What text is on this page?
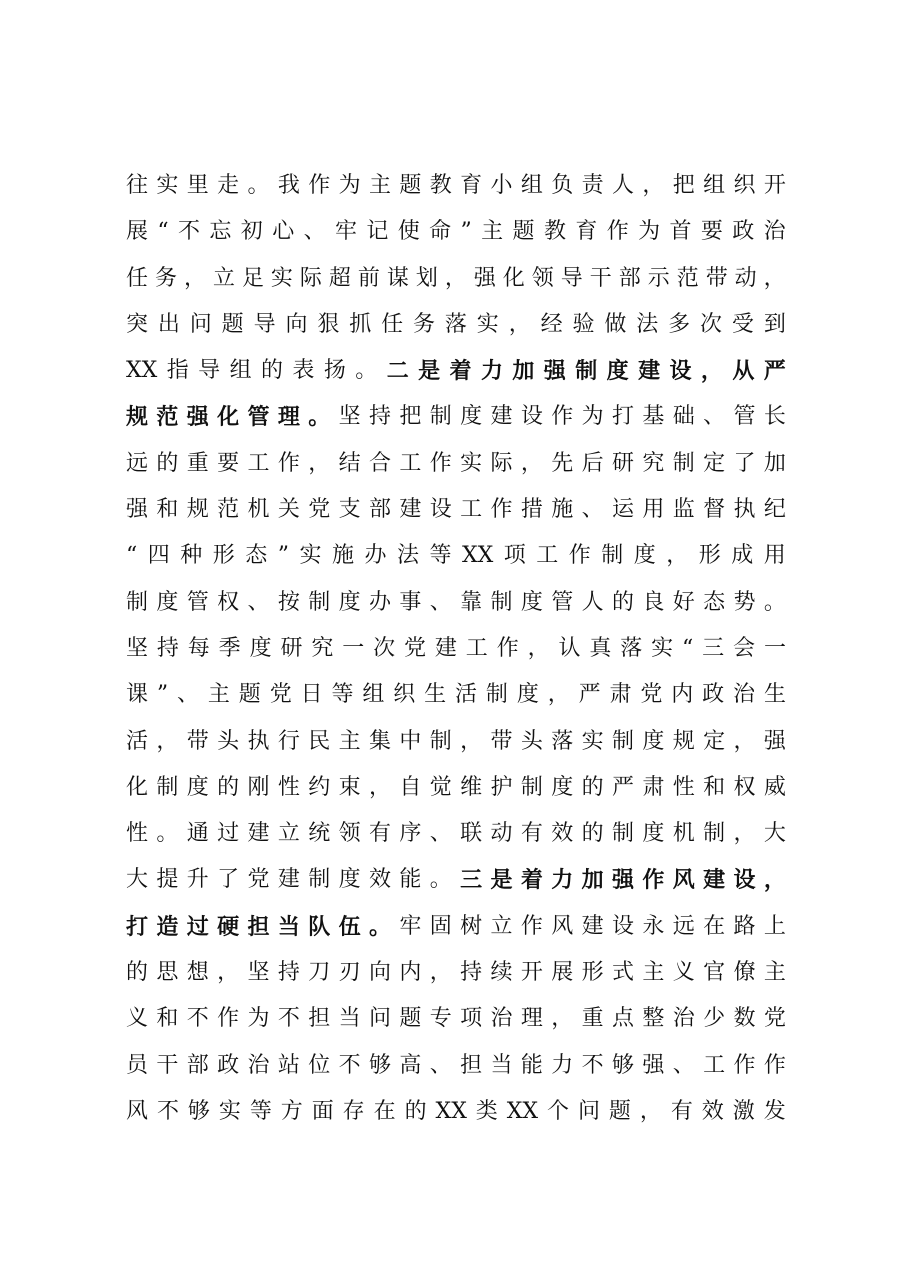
往 实 里 走 。 我 作 为 主 题 教 育 小 组 负 责 人 ， 把 组 织 开
展 “ 不 忘 初 心 、 牢 记 使 命 ” 主 题 教 育 作 为 首 要 政 治
任 务 ， 立 足 实 际 超 前 谋 划 ， 强 化 领 导 干 部 示 范 带 动 ，
突 出 问 题 导 向 狠 抓 任 务 落 实 ， 经 验 做 法 多 次 受 到
XX 指 导 组 的 表 扬 。 二 是 着 力 加 强 制 度 建 设 ， 从 严
规 范 强 化 管 理 。 坚 持 把 制 度 建 设 作 为 打 基 础 、 管 长
远 的 重 要 工 作 ， 结 合 工 作 实 际 ， 先 后 研 究 制 定 了 加
强 和 规 范 机 关 党 支 部 建 设 工 作 措 施 、 运 用 监 督 执 纪
“ 四 种 形 态 ” 实 施 办 法 等 XX 项 工 作 制 度 ， 形 成 用
制 度 管 权 、 按 制 度 办 事 、 靠 制 度 管 人 的 良 好 态 势 。
坚 持 每 季 度 研 究 一 次 党 建 工 作 ， 认 真 落 实 “ 三 会 一
课 ” 、 主 题 党 日 等 组 织 生 活 制 度 ， 严 肃 党 内 政 治 生
活 ， 带 头 执 行 民 主 集 中 制 ， 带 头 落 实 制 度 规 定 ， 强
化 制 度 的 刚 性 约 束 ， 自 觉 维 护 制 度 的 严 肃 性 和 权 威
性 。 通 过 建 立 统 领 有 序 、 联 动 有 效 的 制 度 机 制 ， 大
大 提 升 了 党 建 制 度 效 能 。 三 是 着 力 加 强 作 风 建 设 ，
打 造 过 硬 担 当 队 伍 。 牢 固 树 立 作 风 建 设 永 远 在 路 上
的 思 想 ， 坚 持 刀 刃 向 内 ， 持 续 开 展 形 式 主 义 官 僚 主
义 和 不 作 为 不 担 当 问 题 专 项 治 理 ， 重 点 整 治 少 数 党
员 干 部 政 治 站 位 不 够 高 、 担 当 能 力 不 够 强 、 工 作 作
风 不 够 实 等 方 面 存 在 的 XX 类 XX 个 问 题 ， 有 效 激 发
